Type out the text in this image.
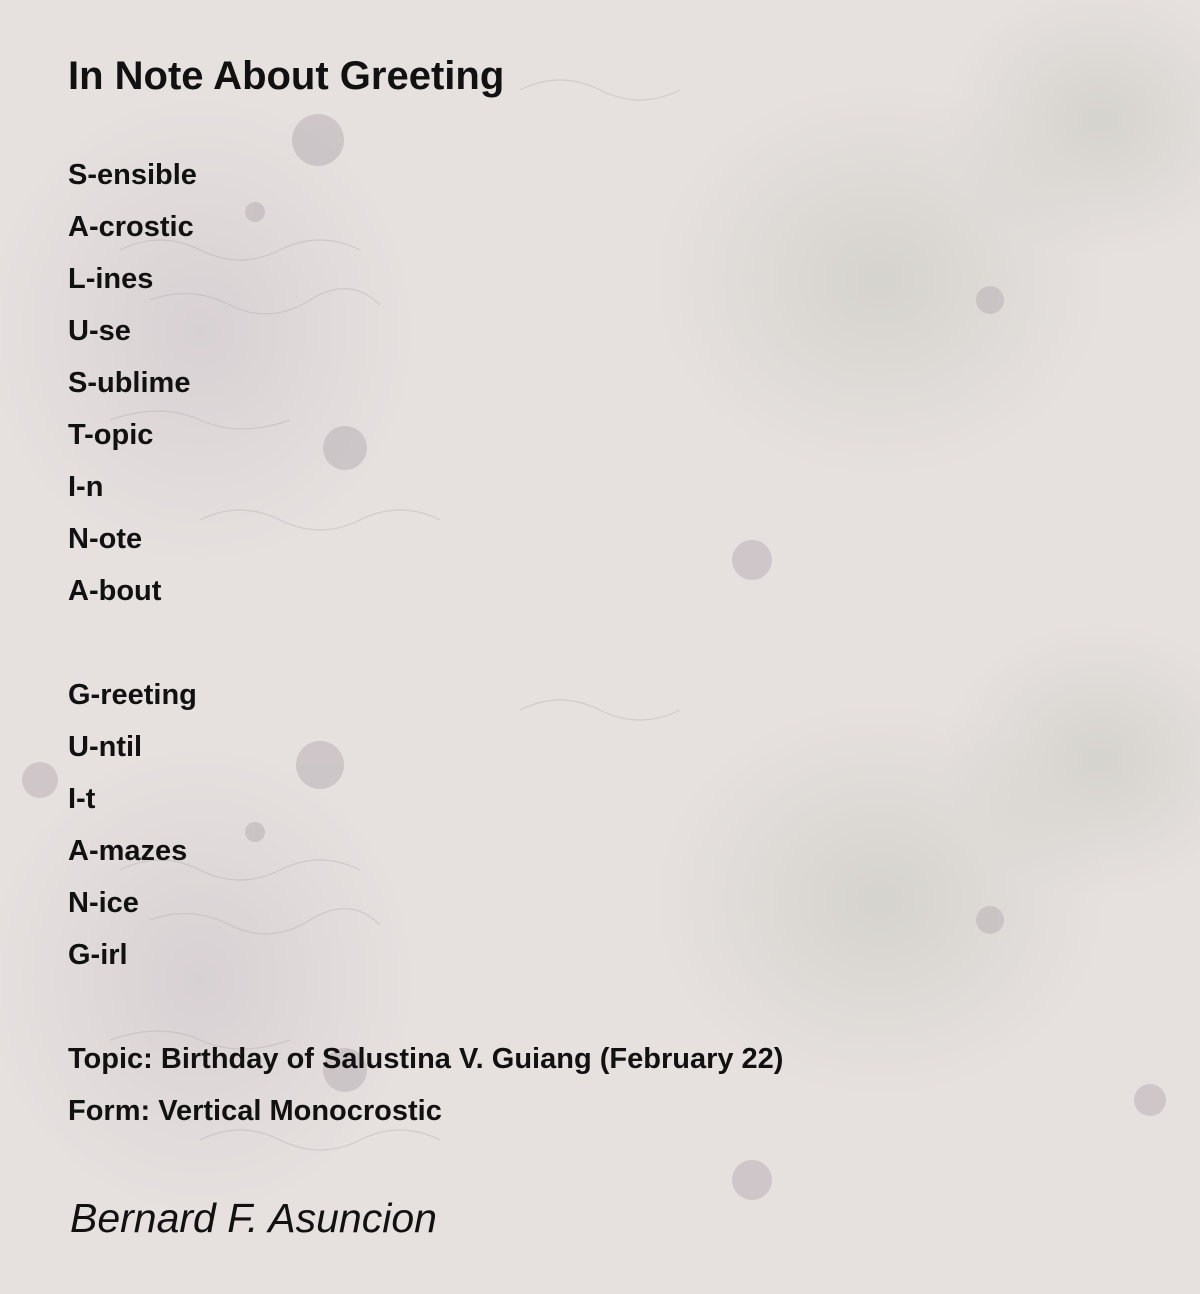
In Note About Greeting
S-ensible
A-crostic
L-ines
U-se
S-ublime
T-opic
I-n
N-ote
A-bout
G-reeting
U-ntil
I-t
A-mazes
N-ice
G-irl
Topic: Birthday of Salustina V. Guiang (February 22)
Form: Vertical Monocrostic
Bernard F. Asuncion
